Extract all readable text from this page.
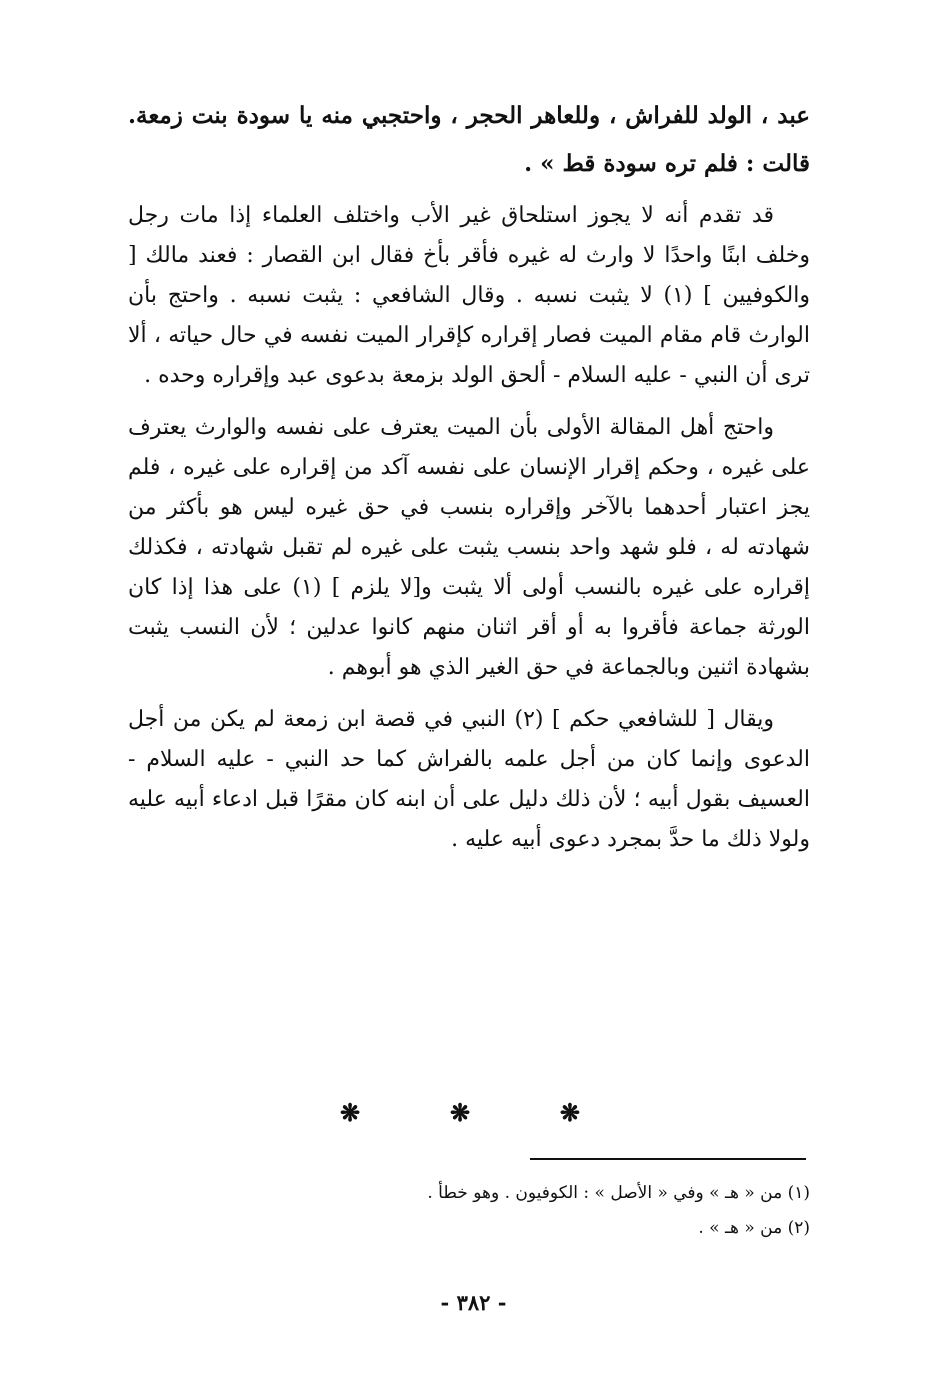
عبد ، الولد للفراش ، وللعاهر الحجر ، واحتجبي منه يا سودة بنت زمعة. قالت : فلم تره سودة قط » .

قد تقدم أنه لا يجوز استلحاق غير الأب واختلف العلماء إذا مات رجل وخلف ابنًا واحدًا لا وارث له غيره فأقر بأخ فقال ابن القصار : فعند مالك [ والكوفيين ] (١) لا يثبت نسبه . وقال الشافعي : يثبت نسبه . واحتج بأن الوارث قام مقام الميت فصار إقراره كإقرار الميت نفسه في حال حياته ، ألا ترى أن النبي - عليه السلام - ألحق الولد بزمعة بدعوى عبد وإقراره وحده .

واحتج أهل المقالة الأولى بأن الميت يعترف على نفسه والوارث يعترف على غيره ، وحكم إقرار الإنسان على نفسه آكد من إقراره على غيره ، فلم يجز اعتبار أحدهما بالآخر وإقراره بنسب في حق غيره ليس هو بأكثر من شهادته له ، فلو شهد واحد بنسب يثبت على غيره لم تقبل شهادته ، فكذلك إقراره على غيره بالنسب أولى ألا يثبت و[لا يلزم ] (١) على هذا إذا كان الورثة جماعة فأقروا به أو أقر اثنان منهم كانوا عدلين ؛ لأن النسب يثبت بشهادة اثنين وبالجماعة في حق الغير الذي هو أبوهم .

ويقال [ للشافعي حكم ] (٢) النبي في قصة ابن زمعة لم يكن من أجل الدعوى وإنما كان من أجل علمه بالفراش كما حد النبي - عليه السلام - العسيف بقول أبيه ؛ لأن ذلك دليل على أن ابنه كان مقرًا قبل ادعاء أبيه عليه ولولا ذلك ما حدَّ بمجرد دعوى أبيه عليه .

❋	❋	❋
(١) من « هـ » وفي « الأصل » : الكوفيون . وهو خطأ .
(٢) من « هـ » .
- ٣٨٢ -
